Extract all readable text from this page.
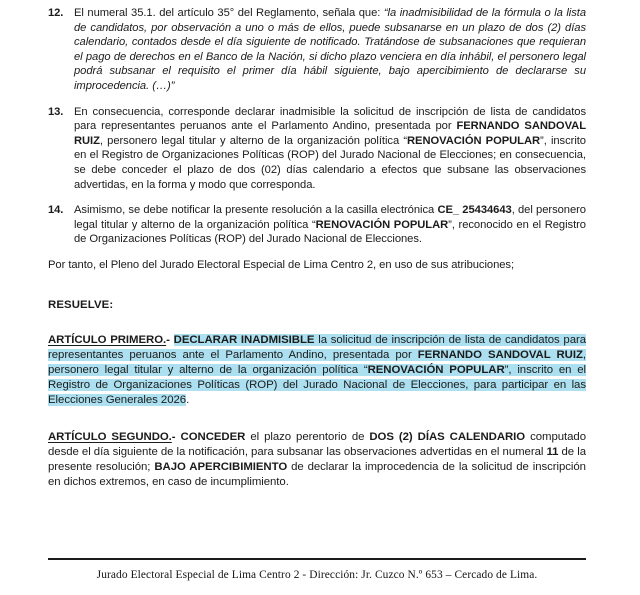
12. El numeral 35.1. del artículo 35° del Reglamento, señala que: “la inadmisibilidad de la fórmula o la lista de candidatos, por observación a uno o más de ellos, puede subsanarse en un plazo de dos (2) días calendario, contados desde el día siguiente de notificado. Tratándose de subsanaciones que requieran el pago de derechos en el Banco de la Nación, si dicho plazo venciera en día inhábil, el personero legal podrá subsanar el requisito el primer día hábil siguiente, bajo apercibimiento de declararse su improcedencia. (…)”
13. En consecuencia, corresponde declarar inadmisible la solicitud de inscripción de lista de candidatos para representantes peruanos ante el Parlamento Andino, presentada por FERNANDO SANDOVAL RUIZ, personero legal titular y alterno de la organización política “RENOVACIÓN POPULAR”, inscrito en el Registro de Organizaciones Políticas (ROP) del Jurado Nacional de Elecciones; en consecuencia, se debe conceder el plazo de dos (02) días calendario a efectos que subsane las observaciones advertidas, en la forma y modo que corresponda.
14. Asimismo, se debe notificar la presente resolución a la casilla electrónica CE_ 25434643, del personero legal titular y alterno de la organización política “RENOVACIÓN POPULAR”, reconocido en el Registro de Organizaciones Políticas (ROP) del Jurado Nacional de Elecciones.
Por tanto, el Pleno del Jurado Electoral Especial de Lima Centro 2, en uso de sus atribuciones;
RESUELVE:
ARTÍCULO PRIMERO.- DECLARAR INADMISIBLE la solicitud de inscripción de lista de candidatos para representantes peruanos ante el Parlamento Andino, presentada por FERNANDO SANDOVAL RUIZ, personero legal titular y alterno de la organización política “RENOVACIÓN POPULAR”, inscrito en el Registro de Organizaciones Políticas (ROP) del Jurado Nacional de Elecciones, para participar en las Elecciones Generales 2026.
ARTÍCULO SEGUNDO.- CONCEDER el plazo perentorio de DOS (2) DÍAS CALENDARIO computado desde el día siguiente de la notificación, para subsanar las observaciones advertidas en el numeral 11 de la presente resolución; BAJO APERCIBIMIENTO de declarar la improcedencia de la solicitud de inscripción en dichos extremos, en caso de incumplimiento.
Jurado Electoral Especial de Lima Centro 2 - Dirección: Jr. Cuzco N.º 653 – Cercado de Lima.
